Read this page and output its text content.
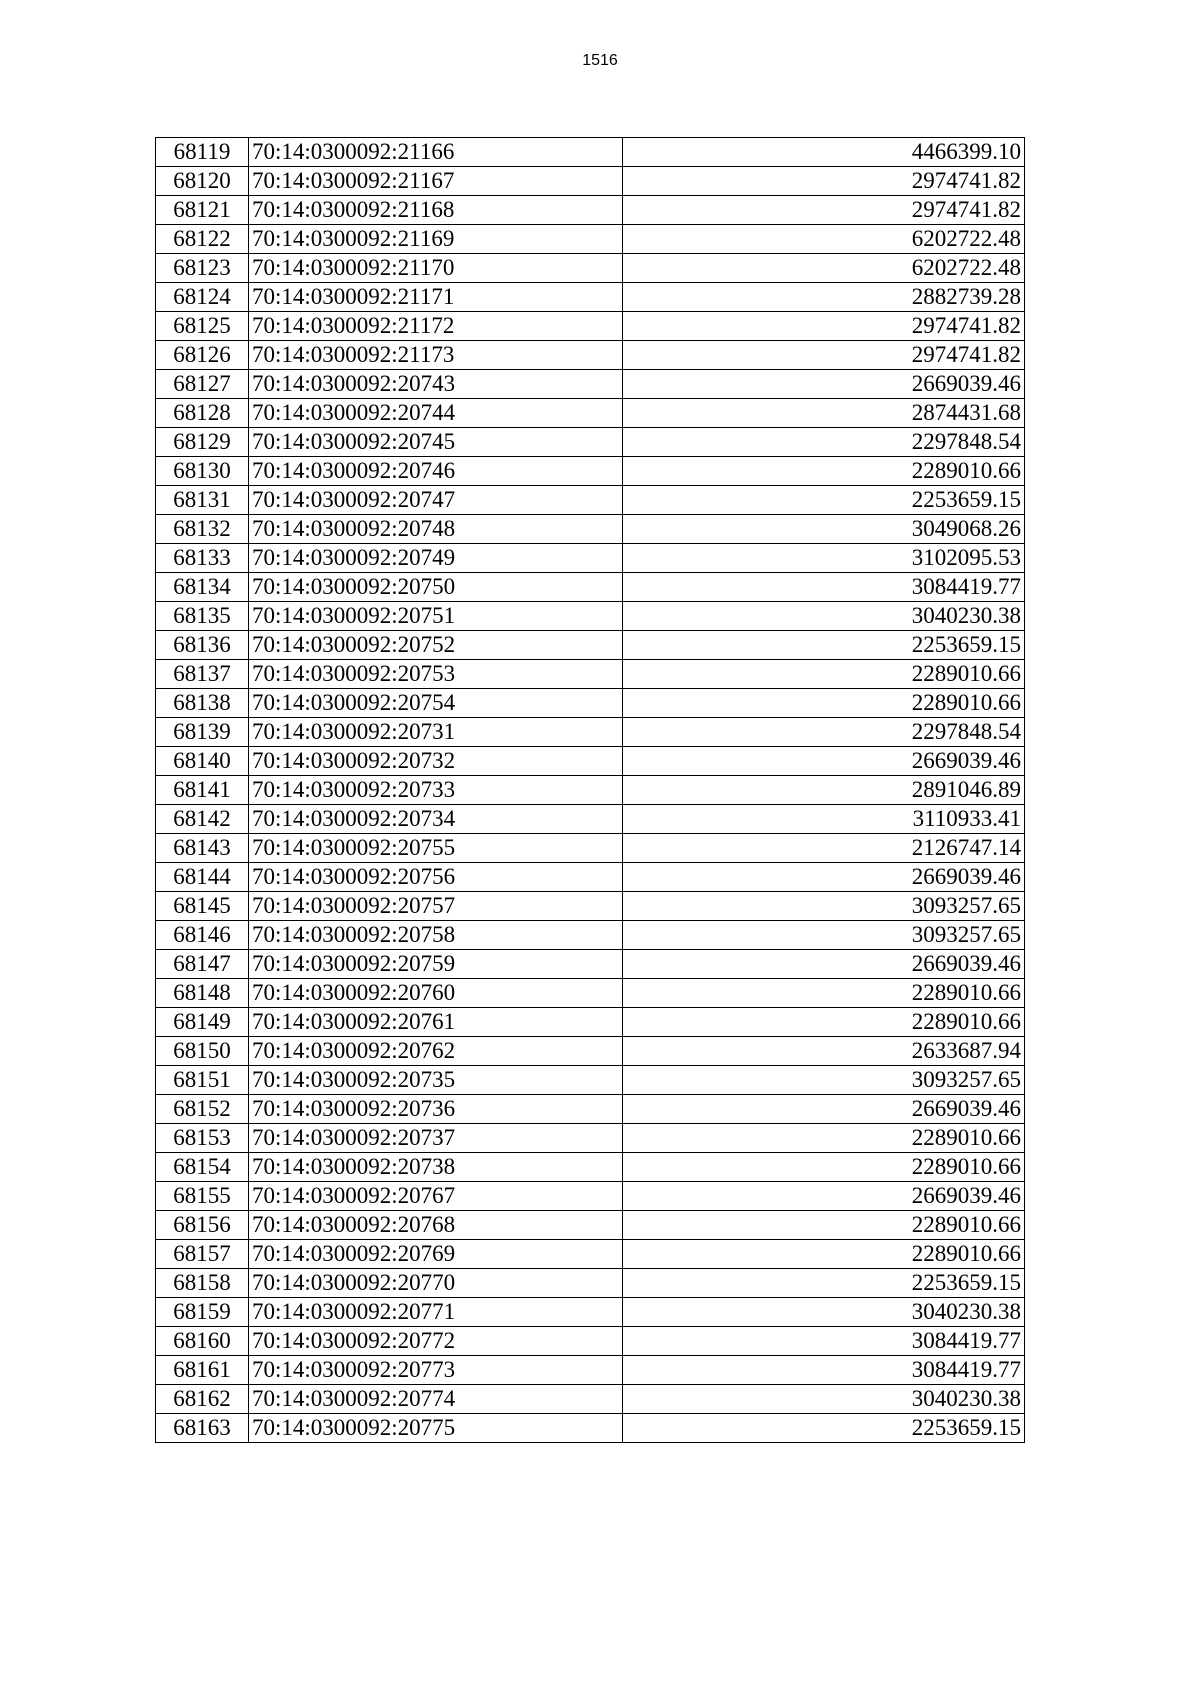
1516
68119	70:14:0300092:21166	4466399.10
68120	70:14:0300092:21167	2974741.82
68121	70:14:0300092:21168	2974741.82
68122	70:14:0300092:21169	6202722.48
68123	70:14:0300092:21170	6202722.48
68124	70:14:0300092:21171	2882739.28
68125	70:14:0300092:21172	2974741.82
68126	70:14:0300092:21173	2974741.82
68127	70:14:0300092:20743	2669039.46
68128	70:14:0300092:20744	2874431.68
68129	70:14:0300092:20745	2297848.54
68130	70:14:0300092:20746	2289010.66
68131	70:14:0300092:20747	2253659.15
68132	70:14:0300092:20748	3049068.26
68133	70:14:0300092:20749	3102095.53
68134	70:14:0300092:20750	3084419.77
68135	70:14:0300092:20751	3040230.38
68136	70:14:0300092:20752	2253659.15
68137	70:14:0300092:20753	2289010.66
68138	70:14:0300092:20754	2289010.66
68139	70:14:0300092:20731	2297848.54
68140	70:14:0300092:20732	2669039.46
68141	70:14:0300092:20733	2891046.89
68142	70:14:0300092:20734	3110933.41
68143	70:14:0300092:20755	2126747.14
68144	70:14:0300092:20756	2669039.46
68145	70:14:0300092:20757	3093257.65
68146	70:14:0300092:20758	3093257.65
68147	70:14:0300092:20759	2669039.46
68148	70:14:0300092:20760	2289010.66
68149	70:14:0300092:20761	2289010.66
68150	70:14:0300092:20762	2633687.94
68151	70:14:0300092:20735	3093257.65
68152	70:14:0300092:20736	2669039.46
68153	70:14:0300092:20737	2289010.66
68154	70:14:0300092:20738	2289010.66
68155	70:14:0300092:20767	2669039.46
68156	70:14:0300092:20768	2289010.66
68157	70:14:0300092:20769	2289010.66
68158	70:14:0300092:20770	2253659.15
68159	70:14:0300092:20771	3040230.38
68160	70:14:0300092:20772	3084419.77
68161	70:14:0300092:20773	3084419.77
68162	70:14:0300092:20774	3040230.38
68163	70:14:0300092:20775	2253659.15
